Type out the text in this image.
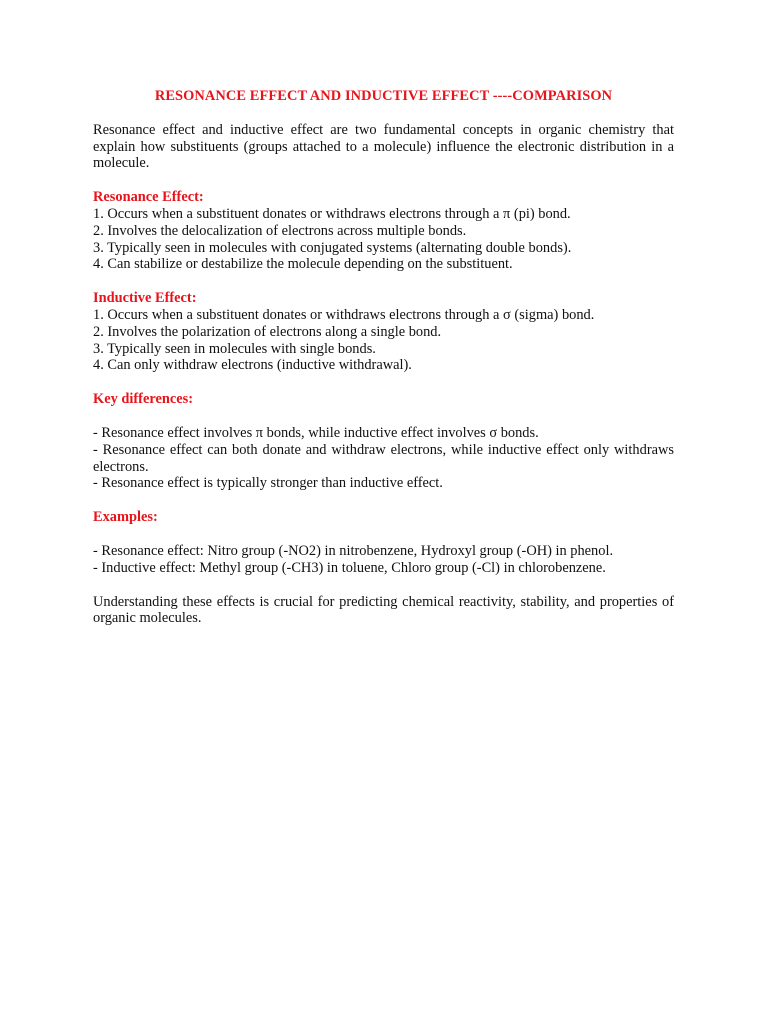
RESONANCE EFFECT AND INDUCTIVE EFFECT ----COMPARISON
Resonance effect and inductive effect are two fundamental concepts in organic chemistry that explain how substituents (groups attached to a molecule) influence the electronic distribution in a molecule.
Resonance Effect:
1. Occurs when a substituent donates or withdraws electrons through a π (pi) bond.
2. Involves the delocalization of electrons across multiple bonds.
3. Typically seen in molecules with conjugated systems (alternating double bonds).
4. Can stabilize or destabilize the molecule depending on the substituent.
Inductive Effect:
1. Occurs when a substituent donates or withdraws electrons through a σ (sigma) bond.
2. Involves the polarization of electrons along a single bond.
3. Typically seen in molecules with single bonds.
4. Can only withdraw electrons (inductive withdrawal).
Key differences:
- Resonance effect involves π bonds, while inductive effect involves σ bonds.
- Resonance effect can both donate and withdraw electrons, while inductive effect only withdraws electrons.
- Resonance effect is typically stronger than inductive effect.
Examples:
- Resonance effect: Nitro group (-NO2) in nitrobenzene, Hydroxyl group (-OH) in phenol.
- Inductive effect: Methyl group (-CH3) in toluene, Chloro group (-Cl) in chlorobenzene.
Understanding these effects is crucial for predicting chemical reactivity, stability, and properties of organic molecules.
